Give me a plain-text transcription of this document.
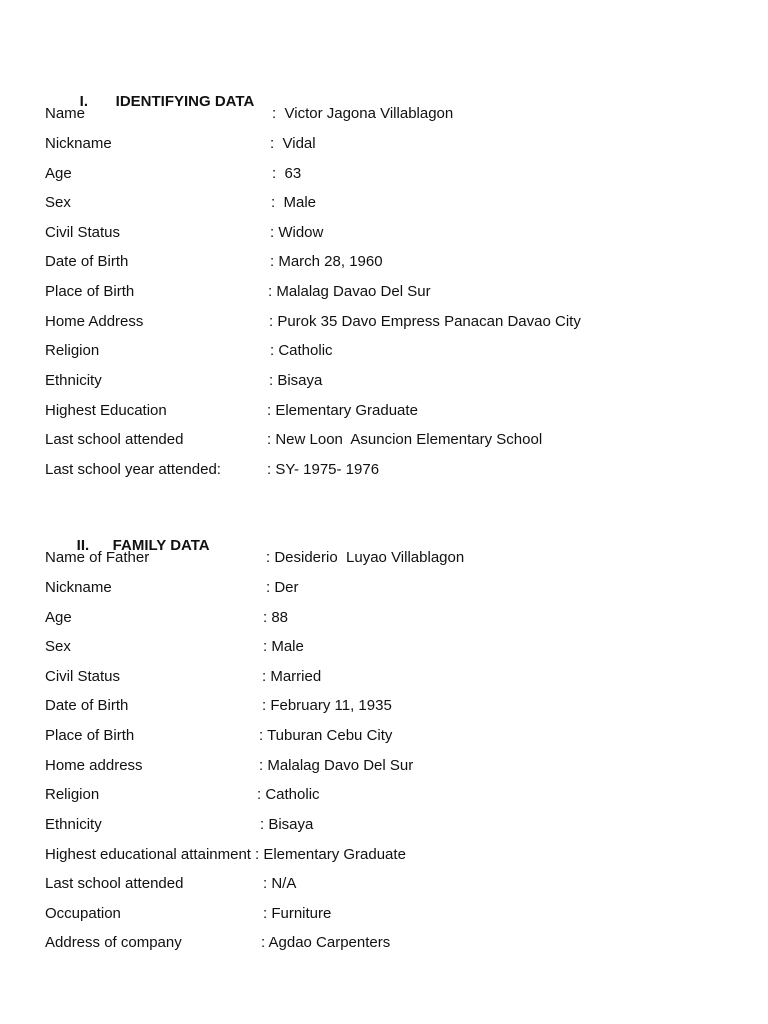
I. IDENTIFYING DATA

Name

	:  Victor Jagona Villablagon

Nickname

	:  Vidal

Age

	:  63

Sex

	:  Male

Civil Status

	: Widow

Date of Birth

	: March 28, 1960

Place of Birth

	: Malalag Davao Del Sur

Home Address

	: Purok 35 Davo Empress Panacan Davao City

Religion

	: Catholic

Ethnicity

	: Bisaya

Highest Education

	: Elementary Graduate

Last school attended

	: New Loon  Asuncion Elementary School

Last school year attended:

	: SY- 1975- 1976

II. FAMILY DATA

Name of Father

	: Desiderio  Luyao Villablagon

Nickname

	: Der

Age

	: 88

Sex

	: Male

Civil Status

	: Married

Date of Birth

	: February 11, 1935

Place of Birth

	: Tuburan Cebu City

Home address

	: Malalag Davo Del Sur

Religion

	: Catholic

Ethnicity

	: Bisaya

Highest educational attainment

: Elementary Graduate

Last school attended

	: N/A

Occupation

	: Furniture

Address of company

	: Agdao Carpenters
